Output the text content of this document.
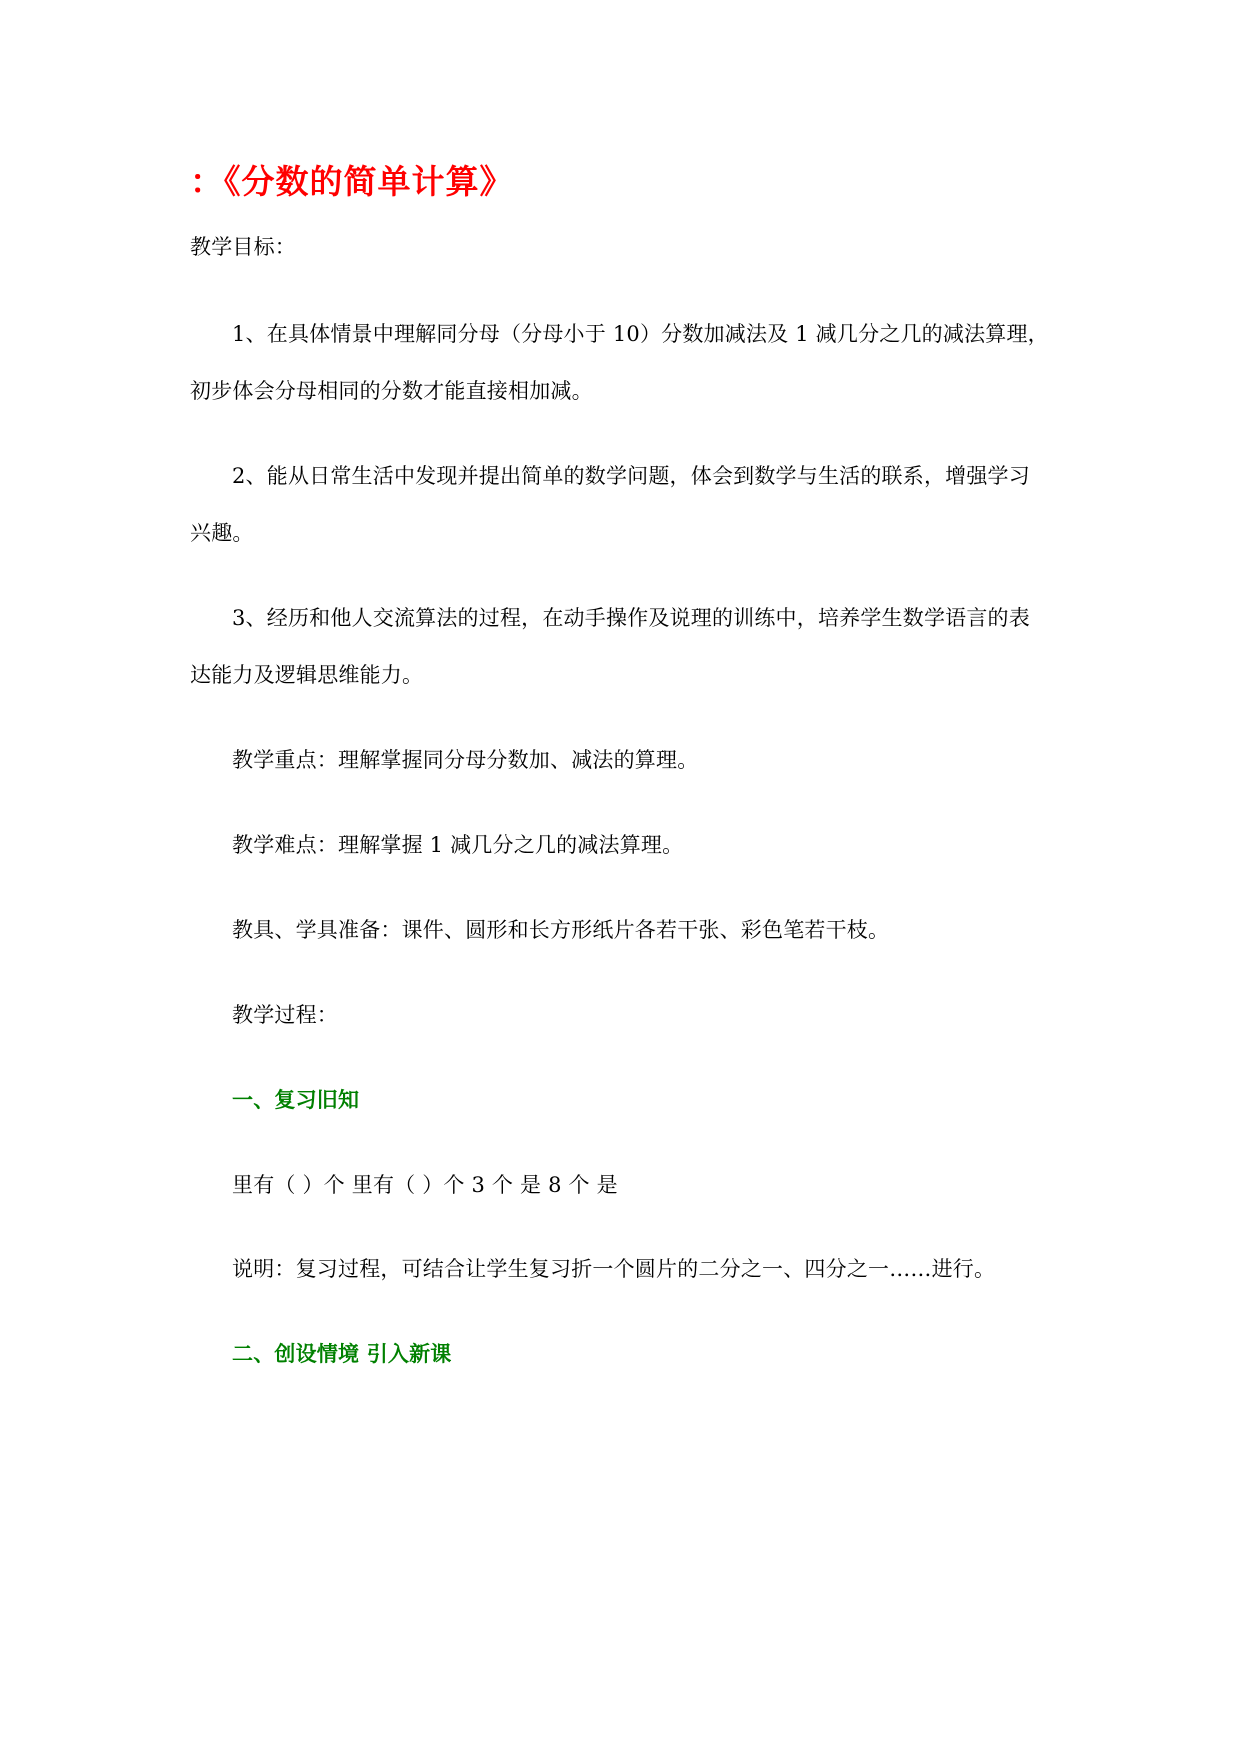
：《分数的简单计算》

教学目标：

1、在具体情景中理解同分母（分母小于 10）分数加减法及 1 减几分之几的减法算理，

初步体会分母相同的分数才能直接相加减。

2、能从日常生活中发现并提出简单的数学问题，体会到数学与生活的联系，增强学习

兴趣。

3、经历和他人交流算法的过程，在动手操作及说理的训练中，培养学生数学语言的表

达能力及逻辑思维能力。

教学重点：理解掌握同分母分数加、减法的算理。

教学难点：理解掌握 1 减几分之几的减法算理。

教具、学具准备：课件、圆形和长方形纸片各若干张、彩色笔若干枝。

教学过程：

一、复习旧知

里有（ ）个 里有（ ）个 3 个 是 8 个 是

说明：复习过程，可结合让学生复习折一个圆片的二分之一、四分之一……进行。

二、创设情境 引入新课
